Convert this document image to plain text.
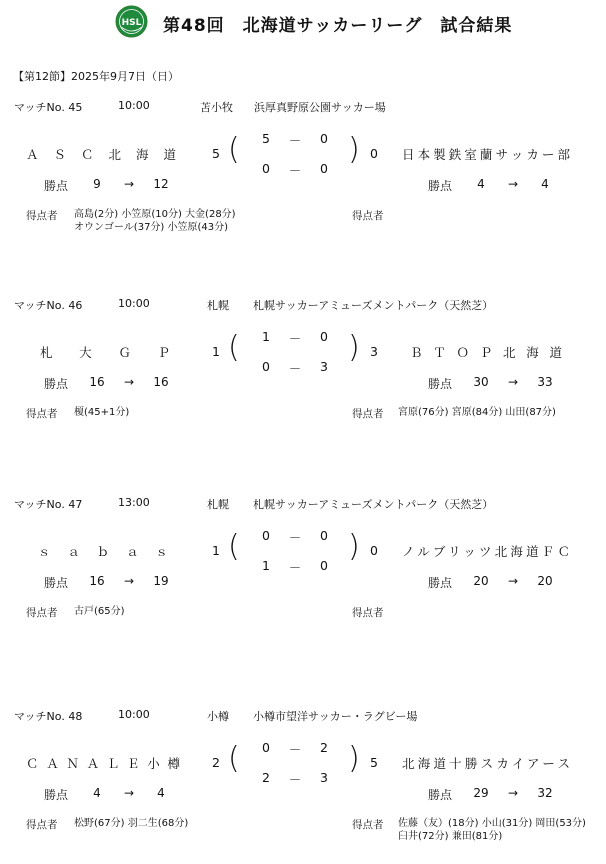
HSL 第48回　北海道サッカーリーグ　試合結果
【第12節】2025年9月7日（日）
マッチNo. 45	10:00	苫小牧 浜厚真野原公園サッカー場
ＡＳＣ北海道	5 ( 5 － 0
0 － 0
) 0 日本製鉄室蘭サッカー部
勝点	9	→	12	勝点	4	→	4
得点者 高島(2分) 小笠原(10分) 大金(28分)
オウンゴール(37分) 小笠原(43分)
得点者
マッチNo. 46	10:00	札幌 札幌サッカーアミューズメントパーク（天然芝）
札大ＧＰ	1 ( 1 － 0
0 － 3
) 3	ＢＴＯＰ北海道
勝点	16	→	16	勝点	30	→	33
得点者 榎(45+1分)	得点者 宮原(76分) 宮原(84分) 山田(87分)
マッチNo. 47	13:00	札幌 札幌サッカーアミューズメントパーク（天然芝）
ｓａｂａｓ	1 ( 0 － 0
1 － 0
) 0 ノルブリッツ北海道ＦＣ
勝点	16	→	19	勝点	20	→	20
得点者 古戸(65分)	得点者
マッチNo. 48	10:00	小樽 小樽市望洋サッカー・ラグビー場
ＣＡＮＡＬＥ小樽	2 ( 0 － 2
2 － 3
) 5 北海道十勝スカイアース
勝点	4	→	4	勝点	29	→	32
得点者 松野(67分) 羽二生(68分)	得点者 佐藤（友）(18分) 小山(31分) 岡田(53分)
臼井(72分) 兼田(81分)
